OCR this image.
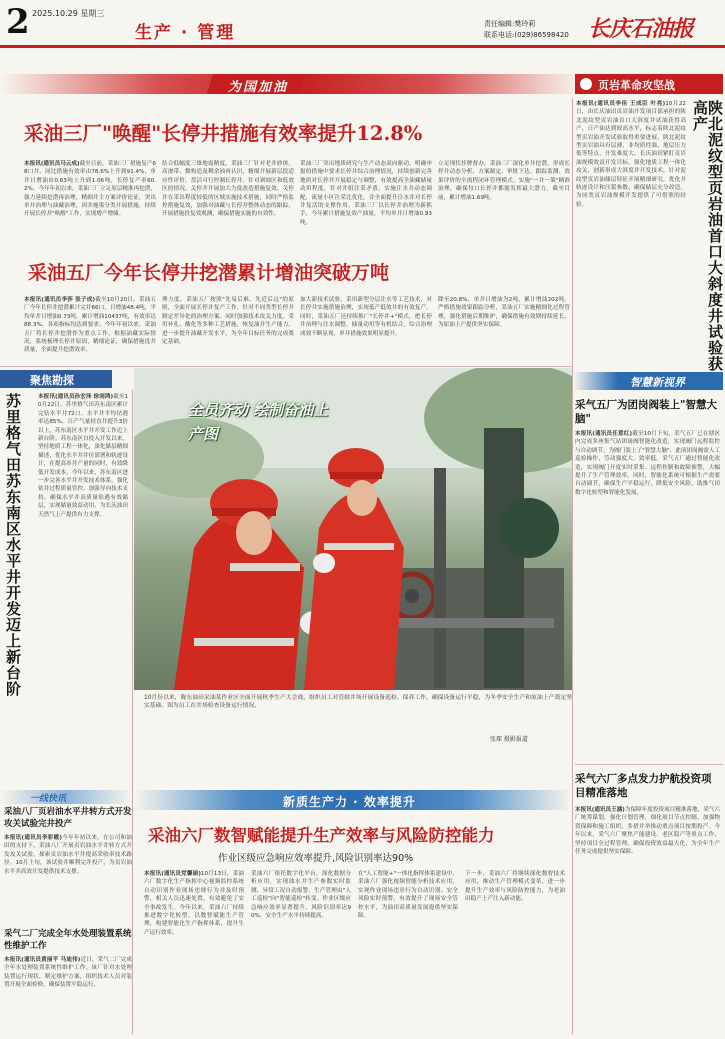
2 2025.10.29 星期三
生产 · 管理	责任编辑:樊玲莉
联系电话:(029)86598420 长庆石油报
为国加油	页岩革命攻坚战
采油三厂"唤醒"长停井措施有效率提升12.8%
本报讯(通讯员马云成)截至日前，采油三厂措施复产68口井，同比措施有效率由78.6%上升到91.4%，单井日增油由0.63吨上升到1.06吨，长停复产率60.2%。今年年初以来，采油三厂立足原层精准再挖潜，强力延续挖潜再治理，精细井主方案评价论证，突出单井治理与油藏治理，因井施策分类开展措施，持续开展长停井"唤醒"工作，实现增产增储。
结合低幅度三维地震精度，采油三厂针对老井砂体，高渗带、微构造及剩余油再认识，精细开展新层段适应性评价，盘活可行控制长停井。针对剥蚀区和低效区的情况，关停井开展加大力度改造措施复效。关停井在采出程度较低的区域实施技术措施，同时严格监控措施复效，加强对油藏与长停井整体动态的跟踪，开展措施投复效观测，确保措施实施的有效性。
采油三厂突出地质研究与生产动态双向驱动，明确申报的措施中要求长停井综合治理情况，持续创新完善地质对长停井开展稳定与调整，有效提高全油藏储量动用程度，针对井组注采矛盾，实施注水井动态调配，流量小区注采比优化，并全面提升注水井对长停井复活的支撑作用。采油三厂以长停井治理为新抓手，今年累计措施复效产油量，平均单井日增油0.93吨。
立足现状挂牌督办，采油三厂深化单井挖潜，形成长停井动态分析、方案制定、审批下达、跟踪监测、效果评价的全流程闭环管理模式。实施"一井一策"精准治理，确保每口长停井都能发挥最大潜力。截至目前，累计增油1.69吨。
采油五厂今年长停井挖潜累计增油突破万吨
本报讯(通讯员李莎 张子成)截至10月20日，采油五厂今年长停井挖潜累计完井66口，日增油48.4吨，平均单井日增油0.73吨，累计增油10437吨，有效率达88.3%，各项指标均达到要求。今年年初以来，采油五厂将长停井挖潜作为重点工作，根据油藏实际情况，系统梳理长停井原因，精细论证，确保措施选井质量，全面提升挖潜效率。
理力度。采油五厂按照"先易后难、先近后远"的原则，全面开展长停井复产工作，针对不同类型长停井制定差异化的治理方案。同时加强技术攻关力度，采用补孔、酸化等多种工艺措施，恢复油井生产能力，进一步提升油藏开发水平，为全年目标任务的完成奠定基础。
加大新技术试验，采用新型分层注水等工艺技术，对长停井实施措施治理，实现低产低效井的有效复产。同时，采油五厂还持续推广"长停井+"模式，把长停井治理与注水调整、储量动用等有机结合，综合治理成效不断显现，单井措施效果明显提升。
降至20.8%，单井日增油为2吨，累计增油202吨。严格措施效果跟踪分析，采油五厂实施精细化过程管理，强化措施后期维护，确保措施有效期持续延长，为原油上产提供坚实保障。
本报讯(通讯员李佳 王成臣 叶亮)10月22日，由长庆油田页岩油开发项目部承担的陕北泥纹型页岩油首口大斜度井试油获得高产，日产油达到较高水平，标志着陕北泥纹型页岩油开发试验取得重要进展。陕北泥纹型页岩油具有层薄、非均质性强、地层压力低等特点，开发难度大。长庆油田紧盯页岩油规模效益开发目标，强化地质工程一体化攻关，创新形成大斜度井开发技术，针对泥纹型页岩油储层特征开展精细研究，优化井轨迹设计和压裂参数，确保储层充分改造，为同类页岩油规模开发提供了可借鉴的经验。	陕北泥纹型页岩油首口大斜度井试验获高产
聚焦勘探
苏里格气田苏东南区水平井开发迈上新台阶	本报讯(通讯员孙宏泽 徐雨鸿)截至10月22日，苏里格气田苏东南区累计完钻水平井72口，水平井平均钻遇率达85%，日产气量较直井提升3倍以上，苏东南区水平井开发工作迈上新台阶。苏东南区自投入开发以来，坚持地质工程一体化，深化储层精细描述，优化水平井井位部署和轨迹设计，在提高单井产量的同时，有效降低开发成本。今年以来，苏东南区进一步完善水平井开发技术体系，强化钻井过程质量管控，加强导向技术支持，确保水平井高质量钻遇有效储层，实现储量效益动用，为长庆油田天然气上产提供有力支撑。
全员齐动 绘制奋油上产图
10月份以来，陇东油田采油某作业区全面开展秋季生产大会战，组织员工对管辖井场开展设备巡检、保养工作，确保设备运行平稳，为冬季安全生产和原油上产奠定坚实基础。图为员工在井场检查设备运行情况。
张琛 摄影报道
智慧新视界
采气五厂为团岗阀装上"智慧大脑"
本报讯(通讯员任意红)截至10月下旬，采气五厂已在辖区内完成多座集气站团岗阀智能化改造，实现阀门远程监控与自动调节，为阀门装上了"智慧大脑"。此前团岗阀需人工巡检操作，劳动强度大、效率低。采气五厂通过智能化改造，实现阀门开度实时采集、远程控制和故障预警，大幅提升了生产管理效率。同时，智能化系统可根据生产需要自动调节，确保生产平稳运行，降低安全风险，助推气田数字化转型和智能化发展。
采气六厂多点发力护航投资项目精准落地
本报讯(通讯员王涵)为保障年度投资项目精准落地，采气六厂统筹谋划，强化计划管理，细化项目节点控制，加强物资保障和施工组织，多措并举推动重点项目按期投产。今年以来，采气六厂聚焦产能建设、老区稳产等重点工作，坚持项目全过程管理，确保投资效益最大化，为全年生产任务完成提供坚实保障。
一线快讯
采油八厂页岩油水平井转方式开发攻关试验完井投产
本报讯(通讯员李彩霞)今年年初以来，在公司和油田的支持下，采油八厂开展页岩油水平井转方式开发攻关试验，探索页岩油水平井提高采收率技术路径。10月上旬，该试验井顺利完井投产，为页岩油水平井高效开发提供技术支撑。
采气二厂完成全年水处理装置系统性维护工作
本报讯(通讯员黄丽平 马迪伟)近日，采气二厂完成全年水处理装置系统性维护工作。该厂针对水处理装置运行现状，制定维护方案，组织技术人员对装置开展全面检修，确保装置平稳运行。
新质生产力 · 效率提升
采油六厂数智赋能提升生产效率与风险防控能力
作业区级应急响应效率提升,风险识别率达90%
本报讯(通讯员党馨丽)10月13日，采油六厂数字化生产指挥中心视频监控系统自动识别作业现场违规行为并及时预警，相关人员迅速处置，有效避免了安全事故发生。今年以来，采油六厂持续推进数字化转型，以数智赋能生产管理，构建智能化生产指挥体系，提升生产运行效率。
采油六厂依托数字化平台，深化数据分析应用，实现油水井生产参数实时监测、异常工况自动报警，生产管理由"人工巡检"向"智能巡检"转变。作业区级应急响应效率显著提升，风险识别率达90%，安全生产水平持续提高。
在"人工智能+"一体化指挥体系建设中，采油六厂强化视频智能分析技术应用，实现作业现场违章行为自动识别、安全风险实时预警，有效提升了现场安全管控水平，为油田高质量发展提供坚实保障。
下一步，采油六厂将继续深化数智技术应用，推动生产管理模式变革，进一步提升生产效率与风险防控能力，为老油田稳产上产注入新动能。
